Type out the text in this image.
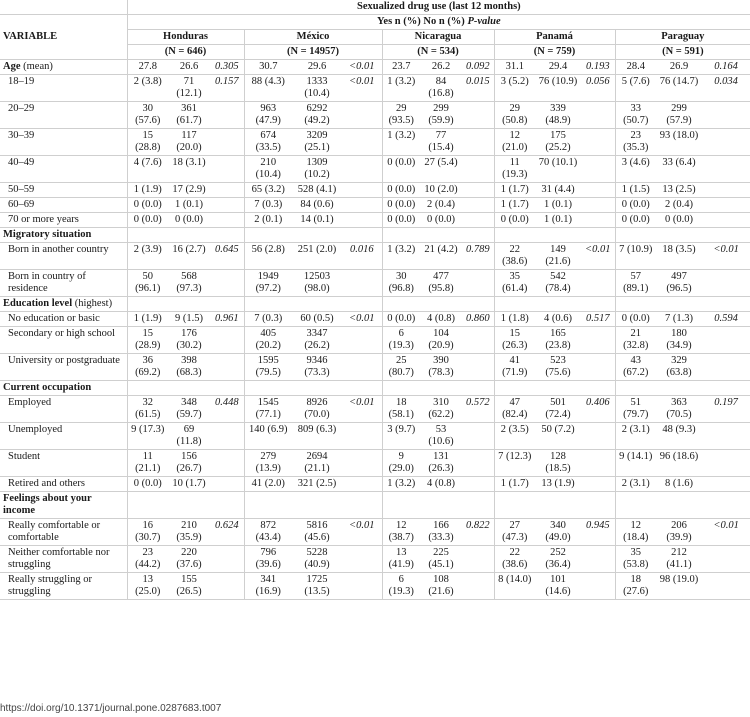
	Sexualized drug use (last 12 months)														
VARIABLE	Yes n (%) No n (%) P-value														
	Honduras			México			Nicaragua			Panamá			Paraguay		
	(N = 646)			(N = 14957)			(N = 534)			(N = 759)			(N = 591)		
Age (mean)	27.8	26.6	0.305	30.7	29.6	<0.01	23.7	26.2	0.092	31.1	29.4	0.193	28.4	26.9	0.164
18–19	2 (3.8)	71 (12.1)	0.157	88 (4.3)	1333 (10.4)	<0.01	1 (3.2)	84 (16.8)	0.015	3 (5.2)	76 (10.9)	0.056	5 (7.6)	76 (14.7)	0.034
20–29	30 (57.6)	361 (61.7)		963 (47.9)	6292 (49.2)		29 (93.5)	299 (59.9)		29 (50.8)	339 (48.9)		33 (50.7)	299 (57.9)	
30–39	15 (28.8)	117 (20.0)		674 (33.5)	3209 (25.1)		1 (3.2)	77 (15.4)		12 (21.0)	175 (25.2)		23 (35.3)	93 (18.0)	
40–49	4 (7.6)	18 (3.1)		210 (10.4)	1309 (10.2)		0 (0.0)	27 (5.4)		11 (19.3)	70 (10.1)		3 (4.6)	33 (6.4)	
50–59	1 (1.9)	17 (2.9)		65 (3.2)	528 (4.1)		0 (0.0)	10 (2.0)		1 (1.7)	31 (4.4)		1 (1.5)	13 (2.5)	
60–69	0 (0.0)	1 (0.1)		7 (0.3)	84 (0.6)		0 (0.0)	2 (0.4)		1 (1.7)	1 (0.1)		0 (0.0)	2 (0.4)	
70 or more years	0 (0.0)	0 (0.0)		2 (0.1)	14 (0.1)		0 (0.0)	0 (0.0)		0 (0.0)	1 (0.1)		0 (0.0)	0 (0.0)	
Migratory situation															
Born in another country	2 (3.9)	16 (2.7)	0.645	56 (2.8)	251 (2.0)	0.016	1 (3.2)	21 (4.2)	0.789	22 (38.6)	149 (21.6)	<0.01	7 (10.9)	18 (3.5)	<0.01
Born in country of residence	50 (96.1)	568 (97.3)		1949 (97.2)	12503 (98.0)		30 (96.8)	477 (95.8)		35 (61.4)	542 (78.4)		57 (89.1)	497 (96.5)	
Education level (highest)															
No education or basic	1 (1.9)	9 (1.5)	0.961	7 (0.3)	60 (0.5)	<0.01	0 (0.0)	4 (0.8)	0.860	1 (1.8)	4 (0.6)	0.517	0 (0.0)	7 (1.3)	0.594
Secondary or high school	15 (28.9)	176 (30.2)		405 (20.2)	3347 (26.2)		6 (19.3)	104 (20.9)		15 (26.3)	165 (23.8)		21 (32.8)	180 (34.9)	
University or postgraduate	36 (69.2)	398 (68.3)		1595 (79.5)	9346 (73.3)		25 (80.7)	390 (78.3)		41 (71.9)	523 (75.6)		43 (67.2)	329 (63.8)	
Current occupation															
Employed	32 (61.5)	348 (59.7)	0.448	1545 (77.1)	8926 (70.0)	<0.01	18 (58.1)	310 (62.2)	0.572	47 (82.4)	501 (72.4)	0.406	51 (79.7)	363 (70.5)	0.197
Unemployed	9 (17.3)	69 (11.8)		140 (6.9)	809 (6.3)		3 (9.7)	53 (10.6)		2 (3.5)	50 (7.2)		2 (3.1)	48 (9.3)	
Student	11 (21.1)	156 (26.7)		279 (13.9)	2694 (21.1)		9 (29.0)	131 (26.3)		7 (12.3)	128 (18.5)		9 (14.1)	96 (18.6)	
Retired and others	0 (0.0)	10 (1.7)		41 (2.0)	321 (2.5)		1 (3.2)	4 (0.8)		1 (1.7)	13 (1.9)		2 (3.1)	8 (1.6)	
Feelings about your income															
Really comfortable or comfortable	16 (30.7)	210 (35.9)	0.624	872 (43.4)	5816 (45.6)	<0.01	12 (38.7)	166 (33.3)	0.822	27 (47.3)	340 (49.0)	0.945	12 (18.4)	206 (39.9)	<0.01
Neither comfortable nor struggling	23 (44.2)	220 (37.6)		796 (39.6)	5228 (40.9)		13 (41.9)	225 (45.1)		22 (38.6)	252 (36.4)		35 (53.8)	212 (41.1)	
Really struggling or struggling	13 (25.0)	155 (26.5)		341 (16.9)	1725 (13.5)		6 (19.3)	108 (21.6)		8 (14.0)	101 (14.6)		18 (27.6)	98 (19.0)	
https://doi.org/10.1371/journal.pone.0287683.t007
